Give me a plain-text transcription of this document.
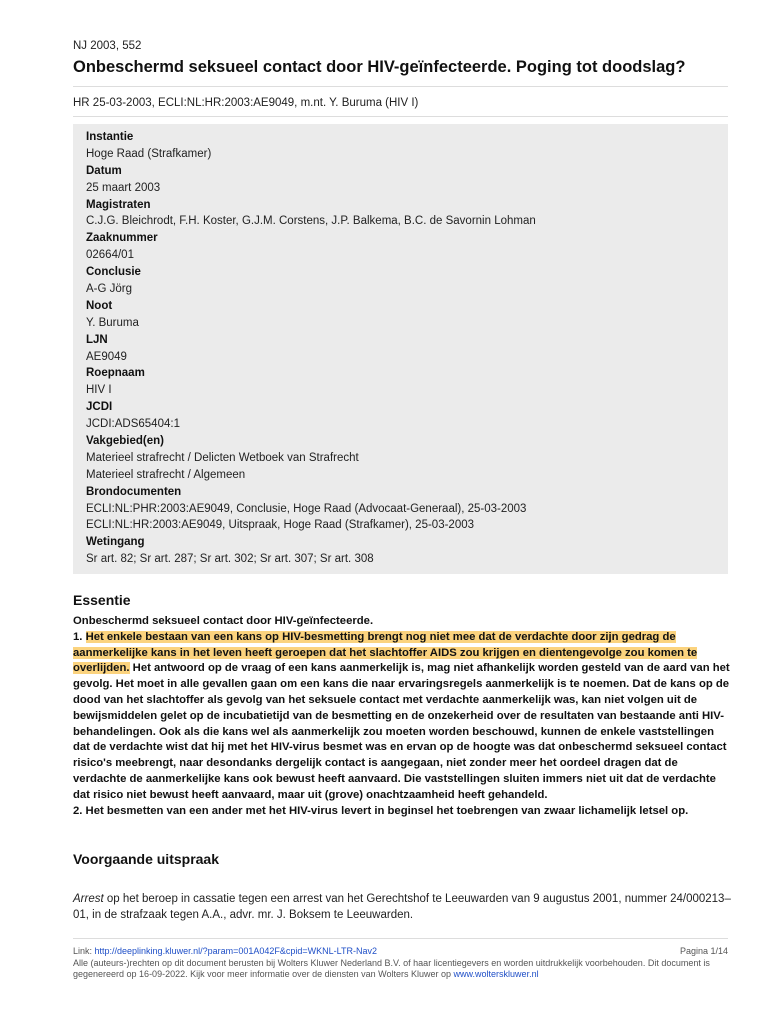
NJ 2003, 552
Onbeschermd seksueel contact door HIV-geïnfecteerde. Poging tot doodslag?
HR 25-03-2003, ECLI:NL:HR:2003:AE9049, m.nt. Y. Buruma (HIV I)
Instantie
Hoge Raad (Strafkamer)
Datum
25 maart 2003
Magistraten
C.J.G. Bleichrodt, F.H. Koster, G.J.M. Corstens, J.P. Balkema, B.C. de Savornin Lohman
Zaaknummer
02664/01
Conclusie
A-G Jörg
Noot
Y. Buruma
LJN
AE9049
Roepnaam
HIV I
JCDI
JCDI:ADS65404:1
Vakgebied(en)
Materieel strafrecht / Delicten Wetboek van Strafrecht
Materieel strafrecht / Algemeen
Brondocumenten
ECLI:NL:PHR:2003:AE9049, Conclusie, Hoge Raad (Advocaat-Generaal), 25-03-2003
ECLI:NL:HR:2003:AE9049, Uitspraak, Hoge Raad (Strafkamer), 25-03-2003
Wetingang
Sr art. 82; Sr art. 287; Sr art. 302; Sr art. 307; Sr art. 308
Essentie

Onbeschermd seksueel contact door HIV-geïnfecteerde.

1. Het enkele bestaan van een kans op HIV-besmetting brengt nog niet mee dat de verdachte door zijn gedrag de aanmerkelijke kans in het leven heeft geroepen dat het slachtoffer AIDS zou krijgen en dientengevolge zou komen te overlijden. Het antwoord op de vraag of een kans aanmerkelijk is, mag niet afhankelijk worden gesteld van de aard van het gevolg. Het moet in alle gevallen gaan om een kans die naar ervaringsregels aanmerkelijk is te noemen. Dat de kans op de dood van het slachtoffer als gevolg van het seksuele contact met verdachte aanmerkelijk was, kan niet volgen uit de bewijsmiddelen gelet op de incubatietijd van de besmetting en de onzekerheid over de resultaten van bestaande anti HIV-behandelingen. Ook als die kans wel als aanmerkelijk zou moeten worden beschouwd, kunnen de enkele vaststellingen dat de verdachte wist dat hij met het HIV-virus besmet was en ervan op de hoogte was dat onbeschermd seksueel contact risico's meebrengt, naar desondanks dergelijk contact is aangegaan, niet zonder meer het oordeel dragen dat de verdachte de aanmerkelijke kans ook bewust heeft aanvaard. Die vaststellingen sluiten immers niet uit dat de verdachte dat risico niet bewust heeft aanvaard, maar uit (grove) onachtzaamheid heeft gehandeld.

2. Het besmetten van een ander met het HIV-virus levert in beginsel het toebrengen van zwaar lichamelijk letsel op.

Voorgaande uitspraak
Arrest op het beroep in cassatie tegen een arrest van het Gerechtshof te Leeuwarden van 9 augustus 2001, nummer 24/000213–01, in de strafzaak tegen A.A., advr. mr. J. Boksem te Leeuwarden.
Link: http://deeplinking.kluwer.nl/?param=001A042F&cpid=WKNL-LTR-Nav2	Pagina 1/14
Alle (auteurs-)rechten op dit document berusten bij Wolters Kluwer Nederland B.V. of haar licentiegevers en worden uitdrukkelijk voorbehouden. Dit document is gegenereerd op 16-09-2022. Kijk voor meer informatie over de diensten van Wolters Kluwer op www.wolterskluwer.nl
